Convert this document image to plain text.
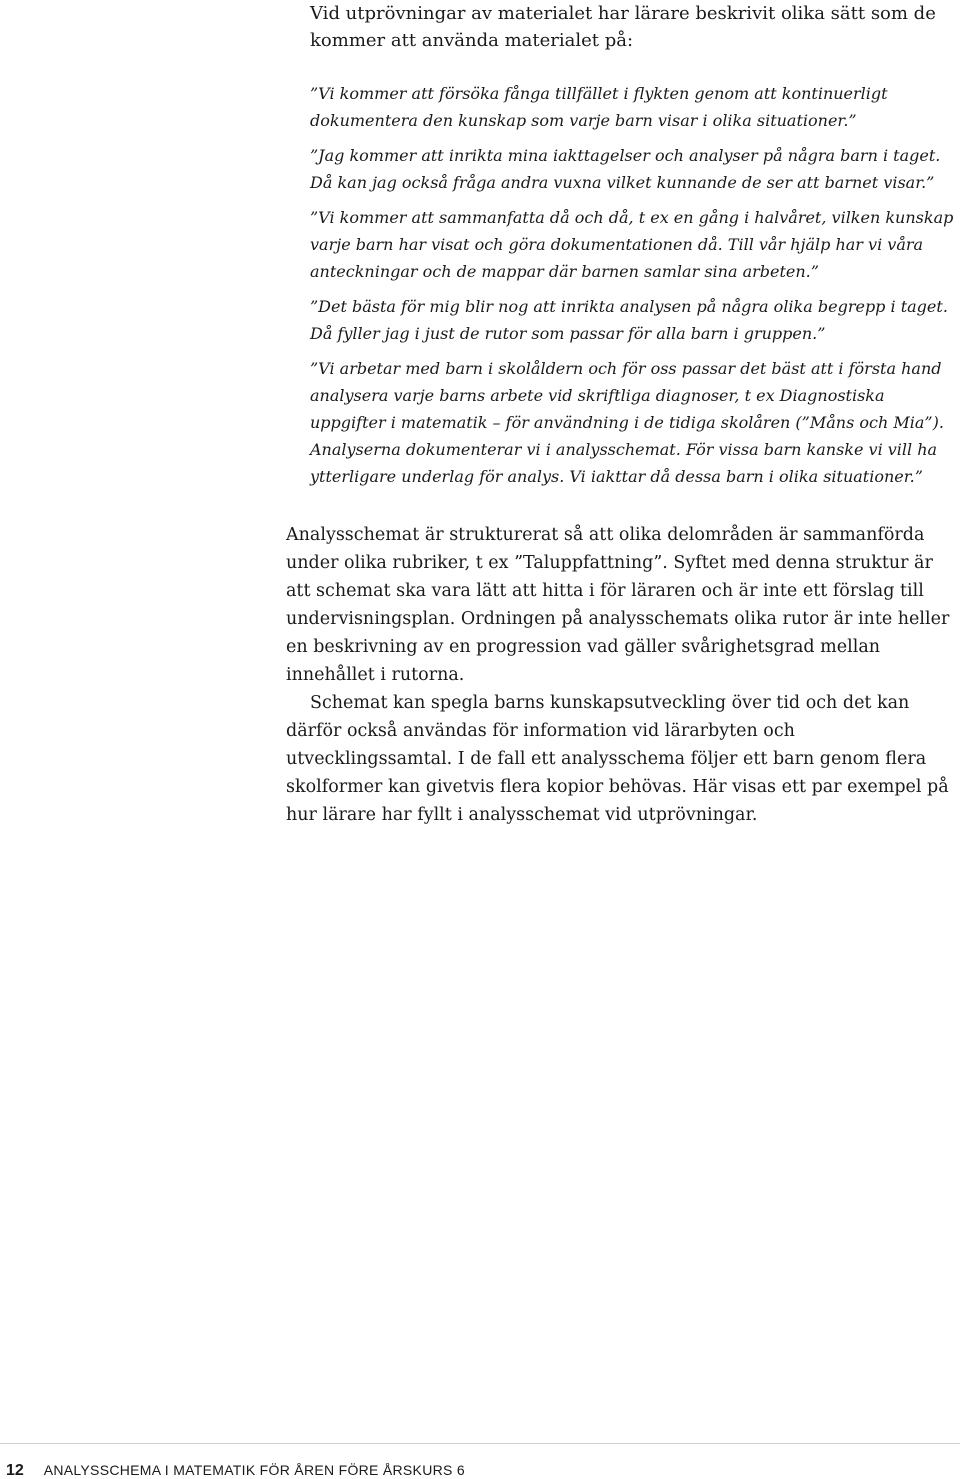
Vid utprövningar av materialet har lärare beskrivit olika sätt som de kommer att använda materialet på:

”Vi kommer att försöka fånga tillfället i flykten genom att kontinuerligt dokumentera den kunskap som varje barn visar i olika situationer.”

”Jag kommer att inrikta mina iakttagelser och analyser på några barn i taget. Då kan jag också fråga andra vuxna vilket kunnande de ser att barnet visar.”

”Vi kommer att sammanfatta då och då, t ex en gång i halvåret, vilken kunskap varje barn har visat och göra dokumentationen då. Till vår hjälp har vi våra anteckningar och de mappar där barnen samlar sina arbeten.”

”Det bästa för mig blir nog att inrikta analysen på några olika begrepp i taget. Då fyller jag i just de rutor som passar för alla barn i gruppen.”

”Vi arbetar med barn i skolåldern och för oss passar det bäst att i första hand analysera varje barns arbete vid skriftliga diagnoser, t ex Diagnostiska uppgifter i matematik – för användning i de tidiga skolåren (”Måns och Mia”). Analyserna dokumenterar vi i analysschemat. För vissa barn kanske vi vill ha ytterligare underlag för analys. Vi iakttar då dessa barn i olika situationer.”

Analysschemat är strukturerat så att olika delområden är sammanförda under olika rubriker, t ex ”Taluppfattning”. Syftet med denna struktur är att schemat ska vara lätt att hitta i för läraren och är inte ett förslag till undervisningsplan. Ordningen på analysschemats olika rutor är inte heller en beskrivning av en progression vad gäller svårighetsgrad mellan innehållet i rutorna.

Schemat kan spegla barns kunskapsutveckling över tid och det kan därför också användas för information vid lärarbyten och utvecklingssamtal. I de fall ett analysschema följer ett barn genom flera skolformer kan givetvis flera kopior behövas. Här visas ett par exempel på hur lärare har fyllt i analysschemat vid utprövningar.

12 ANALYSSCHEMA I MATEMATIK FÖR ÅREN FÖRE ÅRSKURS 6
